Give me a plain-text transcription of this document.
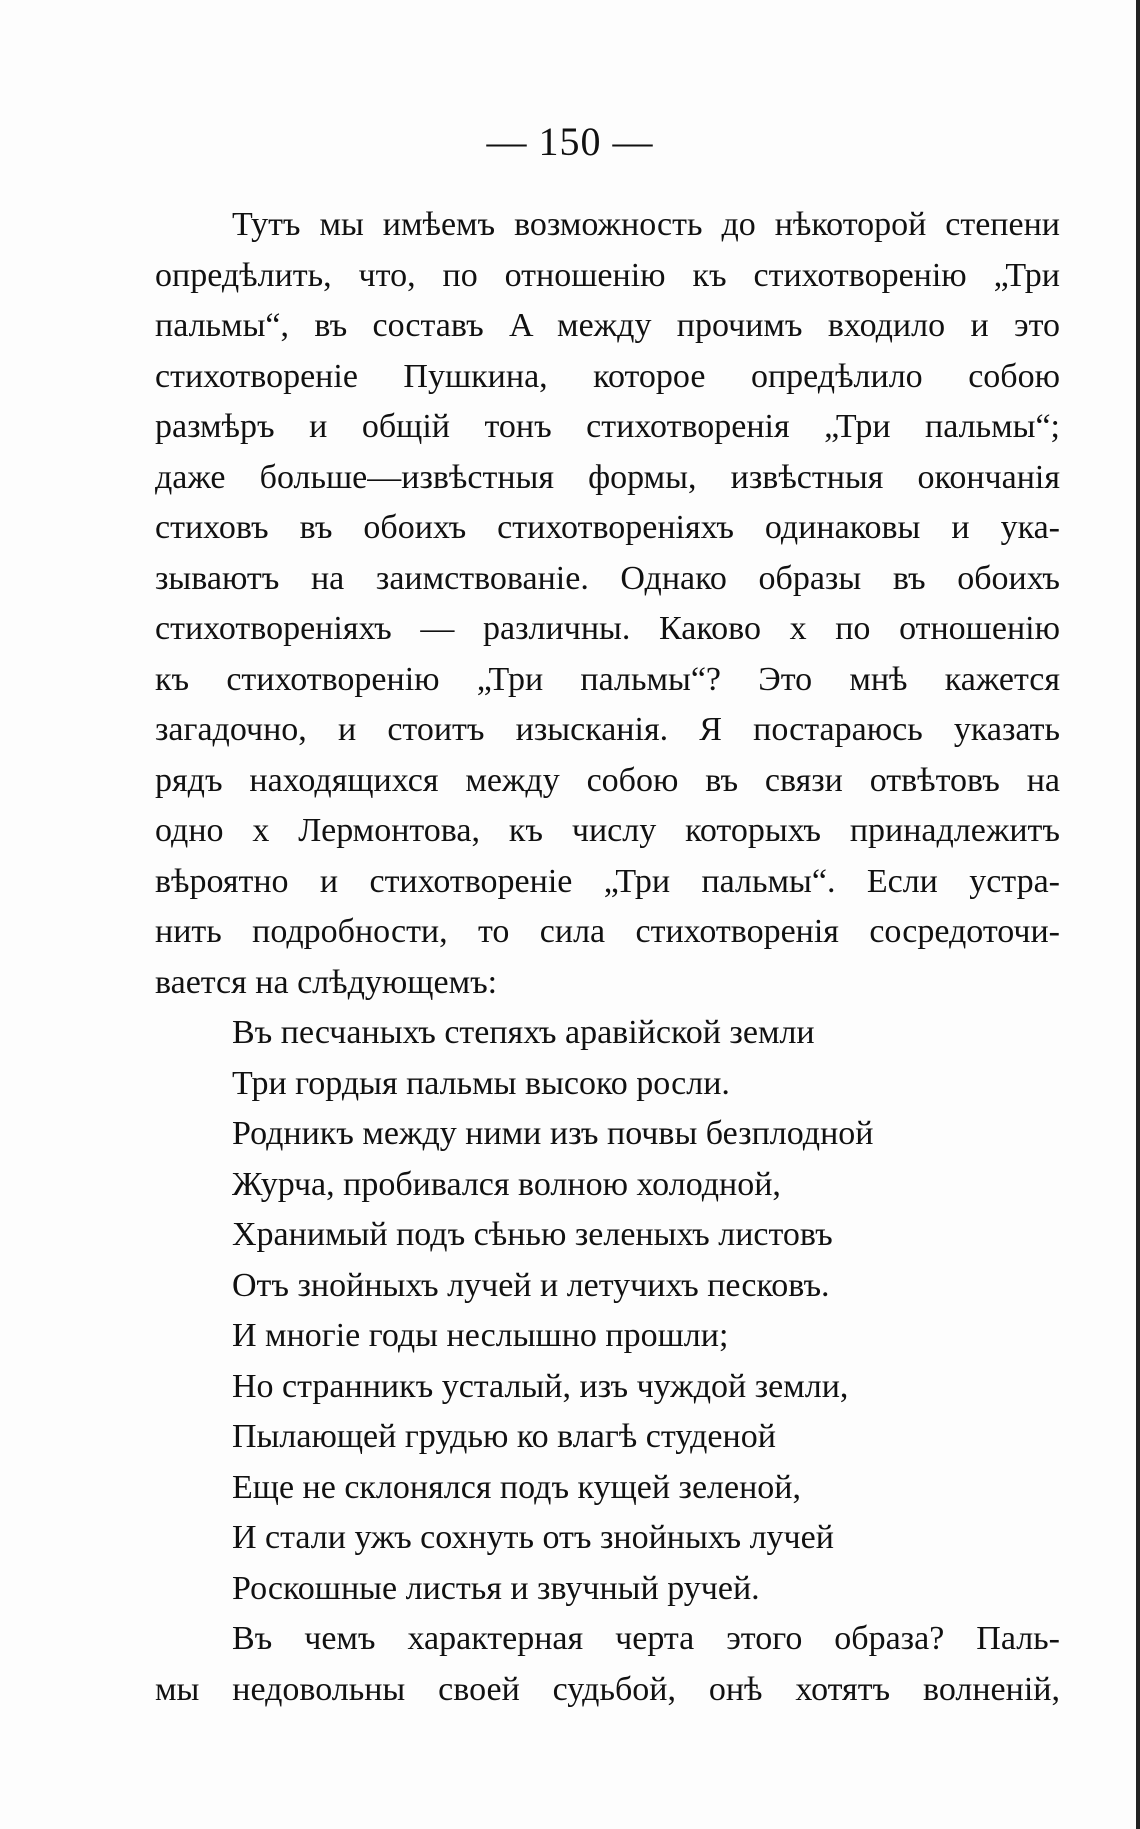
— 150 —
Тутъ мы имѣемъ возможность до нѣкоторой степени
опредѣлить, что, по отношенiю къ стихотворенiю „Три
пальмы“, въ составъ A между прочимъ входило и это
стихотворенiе Пушкина, которое опредѣлило собою
размѣръ и общiй тонъ стихотворенiя „Три пальмы“;
даже больше—извѣстныя формы, извѣстныя окончанiя
стиховъ въ обоихъ стихотворенiяхъ одинаковы и ука-
зываютъ на заимствованiе. Однако образы въ обоихъ
стихотворенiяхъ — различны. Каково x по отношенiю
къ стихотворенiю „Три пальмы“? Это мнѣ кажется
загадочно, и стоитъ изысканiя. Я постараюсь указать
рядъ находящихся между собою въ связи отвѣтовъ на
одно x Лермонтова, къ числу которыхъ принадлежитъ
вѣроятно и стихотворенiе „Три пальмы“. Если устра-
нить подробности, то сила стихотворенiя сосредоточи-
вается на слѣдующемъ:
Въ песчаныхъ степяхъ аравiйской земли
Три гордыя пальмы высоко росли.
Родникъ между ними изъ почвы безплодной
Журча, пробивался волною холодной,
Хранимый подъ сѣнью зеленыхъ листовъ
Отъ знойныхъ лучей и летучихъ песковъ.
И многiе годы неслышно прошли;
Но странникъ усталый, изъ чуждой земли,
Пылающей грудью ко влагѣ студеной
Еще не склонялся подъ кущей зеленой,
И стали ужъ сохнуть отъ знойныхъ лучей
Роскошные листья и звучный ручей.
Въ чемъ характерная черта этого образа? Паль-
мы недовольны своей судьбой, онѣ хотятъ волненiй,
